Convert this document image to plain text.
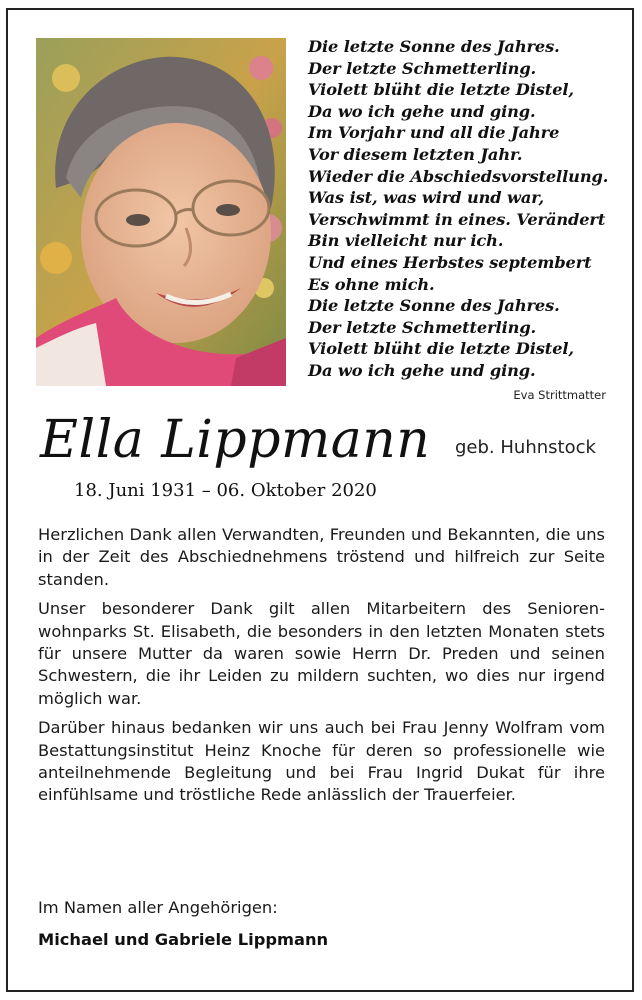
Die letzte Sonne des Jahres.
Der letzte Schmetterling.
Violett blüht die letzte Distel,
Da wo ich gehe und ging.
Im Vorjahr und all die Jahre
Vor diesem letzten Jahr.
Wieder die Abschiedsvorstellung.
Was ist, was wird und war,
Verschwimmt in eines. Verändert
Bin vielleicht nur ich.
Und eines Herbstes septembert
Es ohne mich.
Die letzte Sonne des Jahres.
Der letzte Schmetterling.
Violett blüht die letzte Distel,
Da wo ich gehe und ging.
Eva Strittmatter
Ella Lippmann geb. Huhnstock
18. Juni 1931 – 06. Oktober 2020

Herzlichen Dank allen Verwandten, Freunden und Bekannten, die uns in der Zeit des Abschiednehmens tröstend und hilfreich zur Seite standen.

Unser besonderer Dank gilt allen Mitarbeitern des Seniorenwohnparks St. Elisabeth, die besonders in den letzten Monaten stets für unsere Mutter da waren sowie Herrn Dr. Preden und seinen Schwestern, die ihr Leiden zu mildern suchten, wo dies nur irgend möglich war.

Darüber hinaus bedanken wir uns auch bei Frau Jenny Wolfram vom Bestattungsinstitut Heinz Knoche für deren so professionelle wie anteilnehmende Begleitung und bei Frau Ingrid Dukat für ihre einfühlsame und tröstliche Rede anlässlich der Trauerfeier.

Im Namen aller Angehörigen:
Michael und Gabriele Lippmann
